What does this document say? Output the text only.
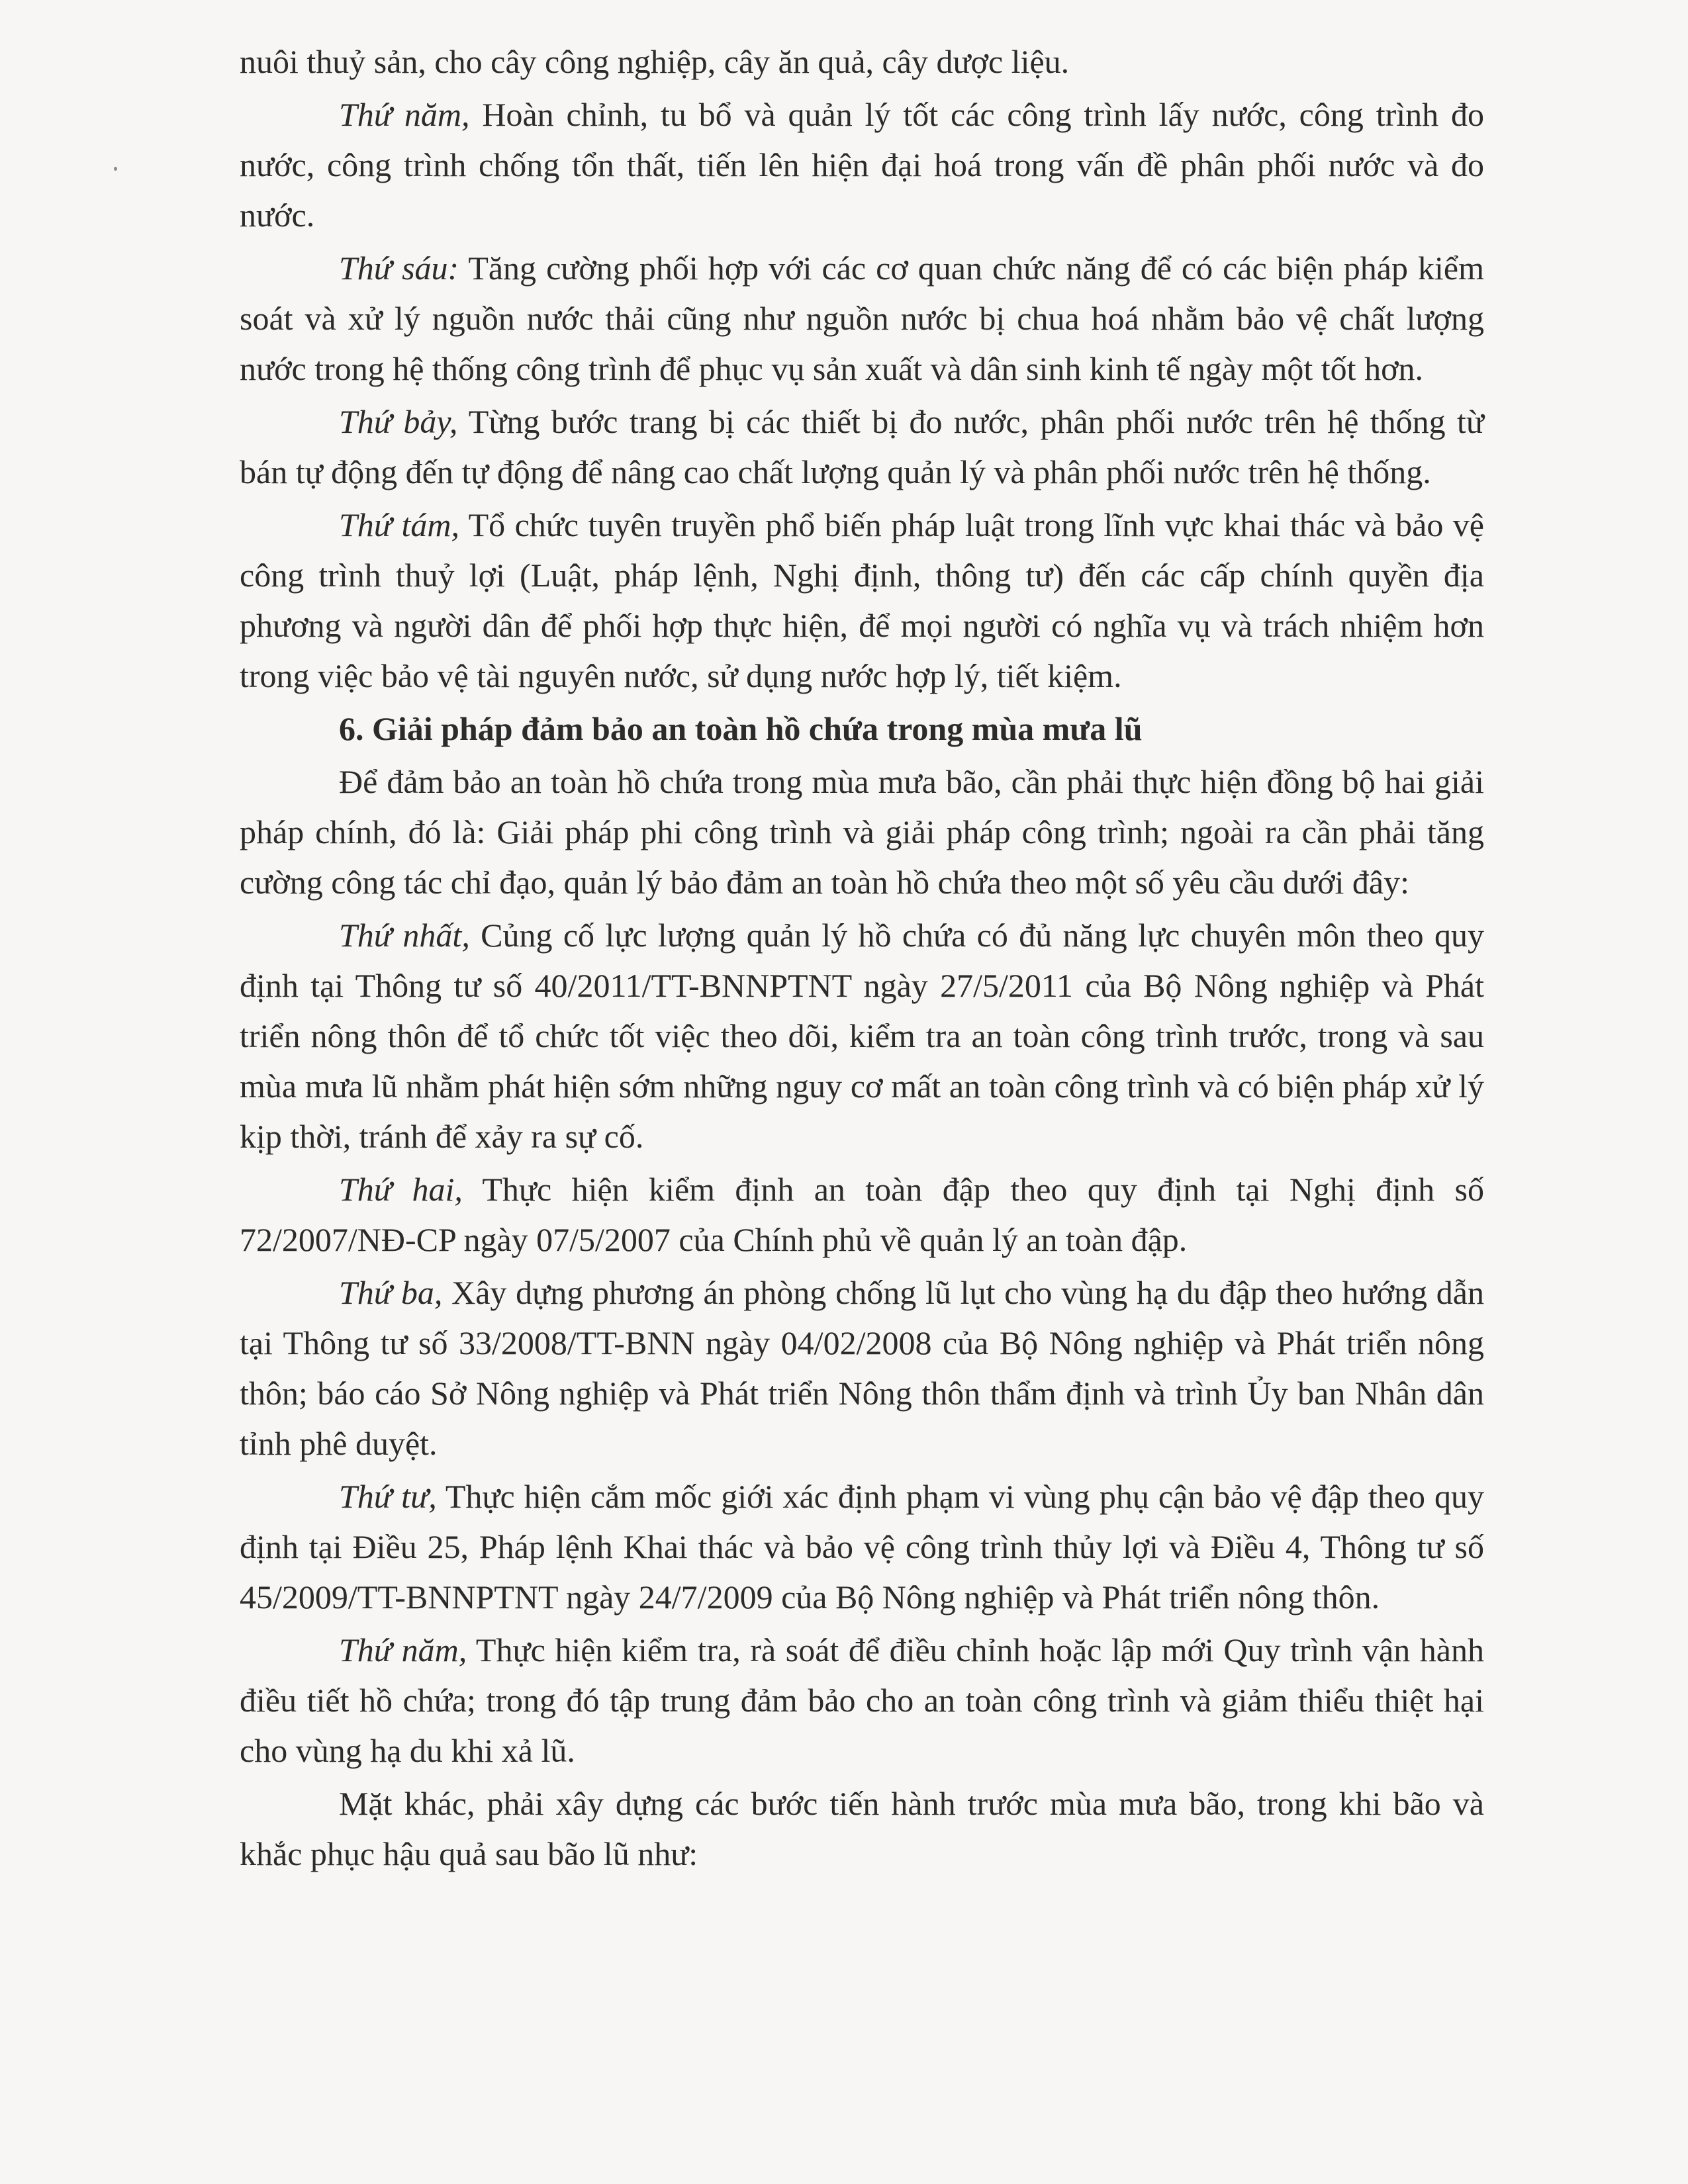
nuôi thuỷ sản, cho cây công nghiệp, cây ăn quả, cây dược liệu.

Thứ năm, Hoàn chỉnh, tu bổ và quản lý tốt các công trình lấy nước, công trình đo nước, công trình chống tổn thất, tiến lên hiện đại hoá trong vấn đề phân phối nước và đo nước.

Thứ sáu: Tăng cường phối hợp với các cơ quan chức năng để có các biện pháp kiểm soát và xử lý nguồn nước thải cũng như nguồn nước bị chua hoá nhằm bảo vệ chất lượng nước trong hệ thống công trình để phục vụ sản xuất và dân sinh kinh tế ngày một tốt hơn.

Thứ bảy, Từng bước trang bị các thiết bị đo nước, phân phối nước trên hệ thống từ bán tự động đến tự động để nâng cao chất lượng quản lý và phân phối nước trên hệ thống.

Thứ tám, Tổ chức tuyên truyền phổ biến pháp luật trong lĩnh vực khai thác và bảo vệ công trình thuỷ lợi (Luật, pháp lệnh, Nghị định, thông tư) đến các cấp chính quyền địa phương và người dân để phối hợp thực hiện, để mọi người có nghĩa vụ và trách nhiệm hơn trong việc bảo vệ tài nguyên nước, sử dụng nước hợp lý, tiết kiệm.

6. Giải pháp đảm bảo an toàn hồ chứa trong mùa mưa lũ

Để đảm bảo an toàn hồ chứa trong mùa mưa bão, cần phải thực hiện đồng bộ hai giải pháp chính, đó là: Giải pháp phi công trình và giải pháp công trình; ngoài ra cần phải tăng cường công tác chỉ đạo, quản lý bảo đảm an toàn hồ chứa theo một số yêu cầu dưới đây:

Thứ nhất, Củng cố lực lượng quản lý hồ chứa có đủ năng lực chuyên môn theo quy định tại Thông tư số 40/2011/TT-BNNPTNT ngày 27/5/2011 của Bộ Nông nghiệp và Phát triển nông thôn để tổ chức tốt việc theo dõi, kiểm tra an toàn công trình trước, trong và sau mùa mưa lũ nhằm phát hiện sớm những nguy cơ mất an toàn công trình và có biện pháp xử lý kịp thời, tránh để xảy ra sự cố.

Thứ hai, Thực hiện kiểm định an toàn đập theo quy định tại Nghị định số 72/2007/NĐ-CP ngày 07/5/2007 của Chính phủ về quản lý an toàn đập.

Thứ ba, Xây dựng phương án phòng chống lũ lụt cho vùng hạ du đập theo hướng dẫn tại Thông tư số 33/2008/TT-BNN ngày 04/02/2008 của Bộ Nông nghiệp và Phát triển nông thôn; báo cáo Sở Nông nghiệp và Phát triển Nông thôn thẩm định và trình Ủy ban Nhân dân tỉnh phê duyệt.

Thứ tư, Thực hiện cắm mốc giới xác định phạm vi vùng phụ cận bảo vệ đập theo quy định tại Điều 25, Pháp lệnh Khai thác và bảo vệ công trình thủy lợi và Điều 4, Thông tư số 45/2009/TT-BNNPTNT ngày 24/7/2009 của Bộ Nông nghiệp và Phát triển nông thôn.

Thứ năm, Thực hiện kiểm tra, rà soát để điều chỉnh hoặc lập mới Quy trình vận hành điều tiết hồ chứa; trong đó tập trung đảm bảo cho an toàn công trình và giảm thiểu thiệt hại cho vùng hạ du khi xả lũ.

Mặt khác, phải xây dựng các bước tiến hành trước mùa mưa bão, trong khi bão và khắc phục hậu quả sau bão lũ như:
